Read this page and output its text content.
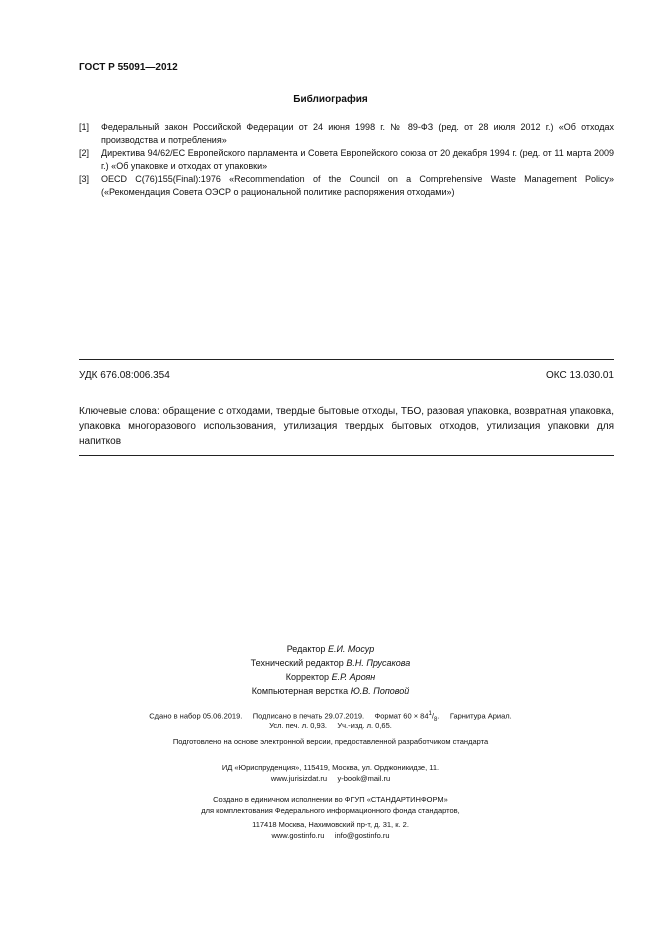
ГОСТ Р 55091—2012
Библиография
[1]	Федеральный закон Российской Федерации от 24 июня 1998 г. № 89-ФЗ (ред. от 28 июля 2012 г.) «Об отходах производства и потребления»
[2]	Директива 94/62/ЕС Европейского парламента и Совета Европейского союза от 20 декабря 1994 г. (ред. от 11 марта 2009 г.) «Об упаковке и отходах от упаковки»
[3]	OECD C(76)155(Final):1976 «Recommendation of the Council on a Comprehensive Waste Management Policy» («Рекомендация Совета ОЭСР о рациональной политике распоряжения отходами»)
УДК 676.08:006.354	ОКС 13.030.01
Ключевые слова: обращение с отходами, твердые бытовые отходы, ТБО, разовая упаковка, возвратная упаковка, упаковка многоразового использования, утилизация твердых бытовых отходов, утилизация упаковки для напитков
Редактор Е.И. Мосур
Технический редактор В.Н. Прусакова
Корректор Е.Р. Ароян
Компьютерная верстка Ю.В. Поповой
Сдано в набор 05.06.2019. Подписано в печать 29.07.2019. Формат $60 \times 84^1/_8$.     Гарнитура Ариал.
Усл. печ. л. 0,93. Уч.-изд. л. 0,65.
Подготовлено на основе электронной версии, предоставленной разработчиком стандарта
ИД «Юриспруденция», 115419, Москва, ул. Орджоникидзе, 11.
www.jurisizdat.ru y-book@mail.ru
Создано в единичном исполнении во ФГУП «СТАНДАРТИНФОРМ»
для комплектования Федерального информационного фонда стандартов,
117418 Москва, Нахимовский пр-т, д. 31, к. 2.
www.gostinfo.ru info@gostinfo.ru
